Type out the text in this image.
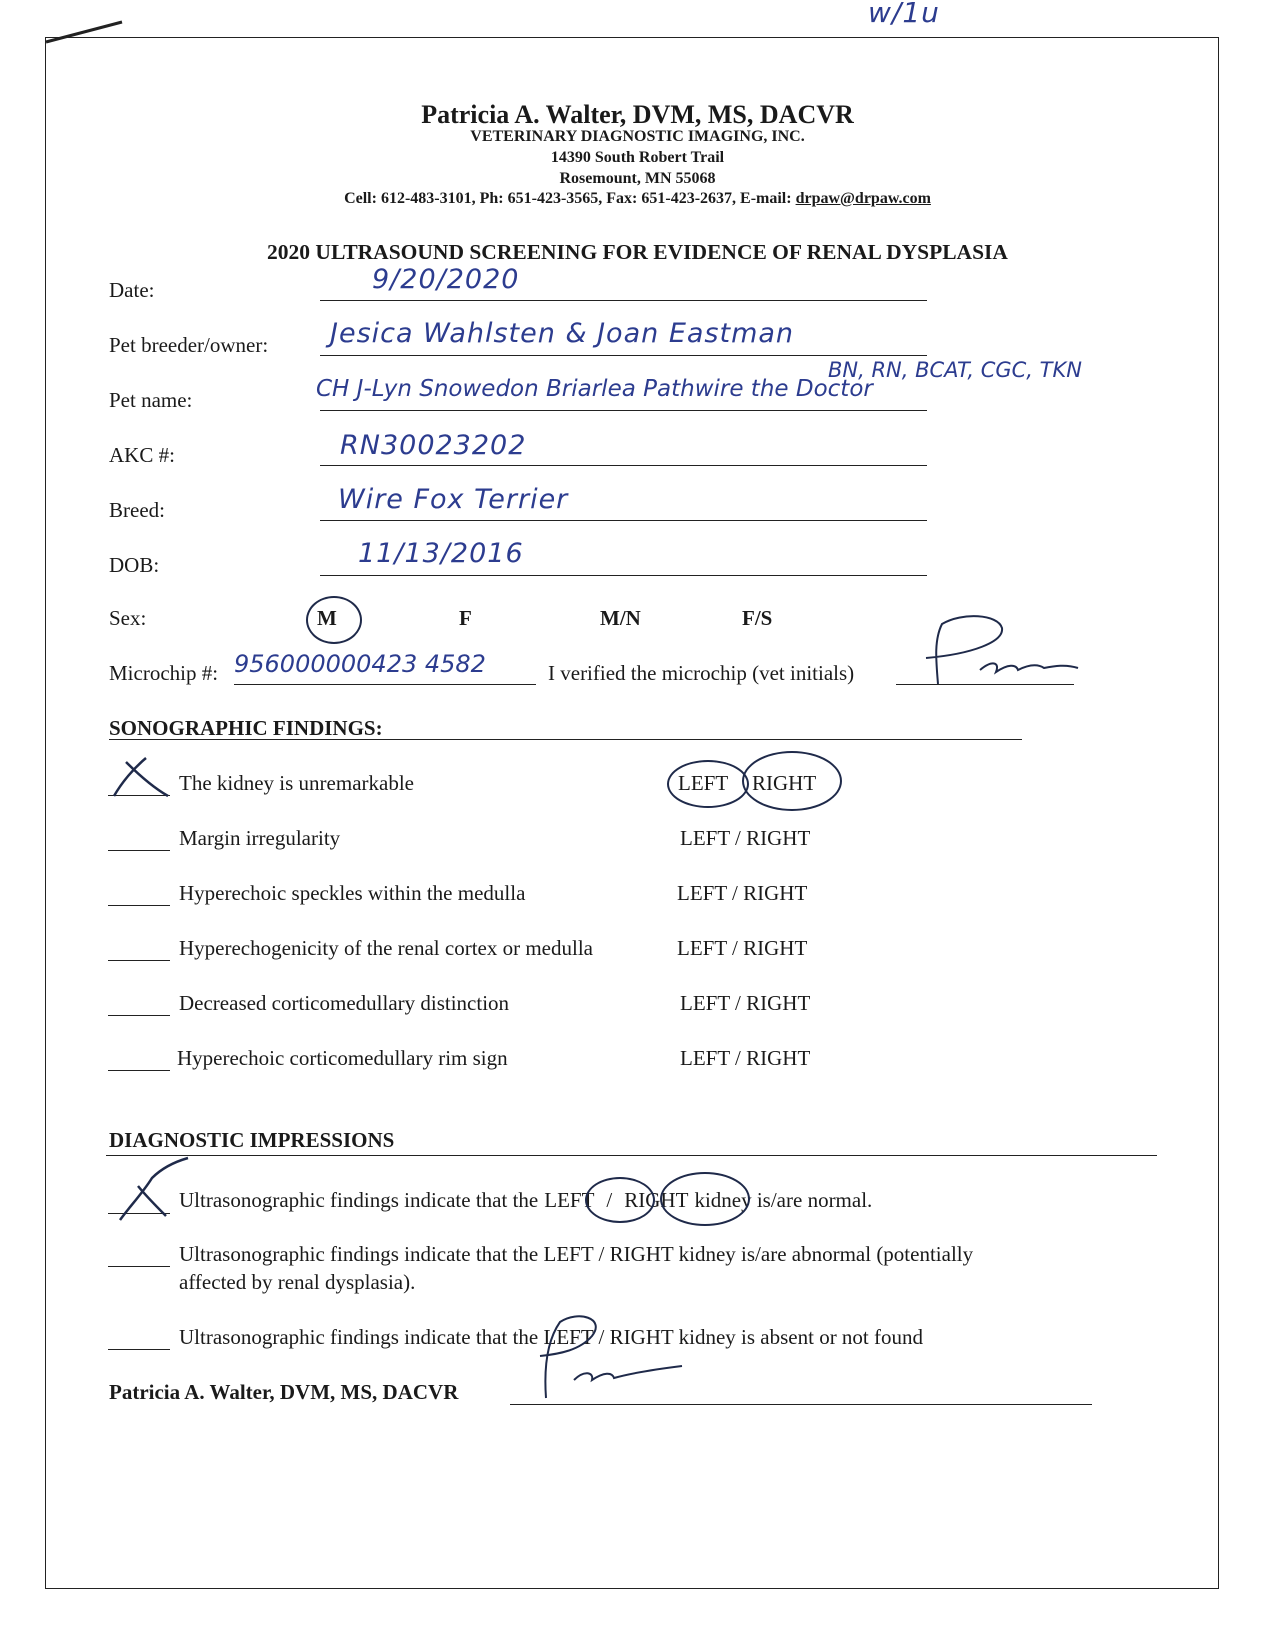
w/1u
Patricia A. Walter, DVM, MS, DACVR
VETERINARY DIAGNOSTIC IMAGING, INC.
14390 South Robert Trail
Rosemount, MN 55068
Cell: 612-483-3101, Ph: 651-423-3565, Fax: 651-423-2637, E-mail: drpaw@drpaw.com
2020 ULTRASOUND SCREENING FOR EVIDENCE OF RENAL DYSPLASIA
Date:	9/20/2020
Pet breeder/owner: Jesica Wahlsten & Joan Eastman
Pet name:	CH J-Lyn Snowedon Briarlea Pathwire the Doctor
BN, RN, BCAT, CGC, TKN
AKC #:	RN30023202
Breed:	Wire Fox Terrier
DOB:	11/13/2016
Sex:	M	F	M/N	F/S
Microchip #: 956000000423 4582	I verified the microchip (vet initials)
SONOGRAPHIC FINDINGS:
The kidney is unremarkable	LEFT RIGHT
Margin irregularity	LEFT / RIGHT
Hyperechoic speckles within the medulla	LEFT / RIGHT
Hyperechogenicity of the renal cortex or medulla	LEFT / RIGHT
Decreased corticomedullary distinction	LEFT / RIGHT
Hyperechoic corticomedullary rim sign	LEFT / RIGHT
DIAGNOSTIC IMPRESSIONS
Ultrasonographic findings indicate that the LEFT / RIGHT kidney is/are normal.
Ultrasonographic findings indicate that the LEFT / RIGHT kidney is/are abnormal (potentially
affected by renal dysplasia).
Ultrasonographic findings indicate that the LEFT / RIGHT kidney is absent or not found
Patricia A. Walter, DVM, MS, DACVR
